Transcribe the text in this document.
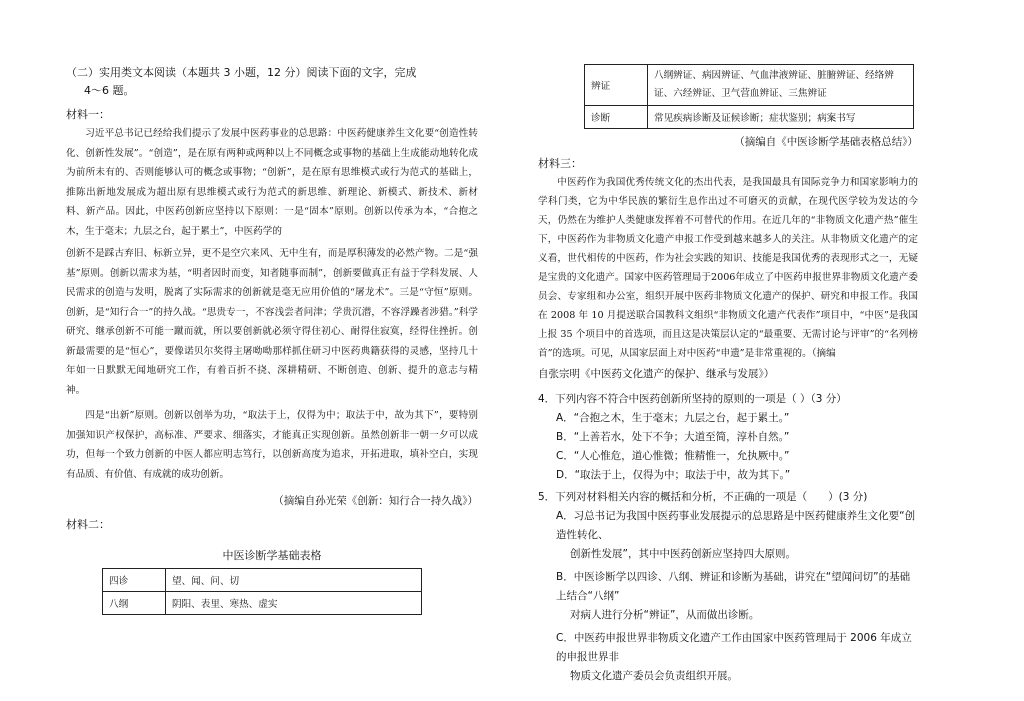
（二）实用类文本阅读（本题共 3 小题，12 分）阅读下面的文字，完成
4～6 题。
材料一：
习近平总书记已经给我们提示了发展中医药事业的总思路：中医药健康养生文化要“创造性转化、创新性发展”。“创造”，是在原有两种或两种以上不同概念或事物的基础上生成能动地转化成为前所未有的、否则能够认可的概念或事物；“创新”，是在原有思维模式或行为范式的基础上，推陈出新地发展成为超出原有思维模式或行为范式的新思维、新理论、新模式、新技术、新材料、新产品。因此，中医药创新应坚持以下原则：一是“固本”原则。创新以传承为本，“合抱之木，生于毫末；九层之台，起于累土”，中医药学的
创新不是踩古弃旧、标新立异，更不是空穴来风、无中生有，而是厚积薄发的必然产物。二是“强基”原则。创新以需求为基，“明者因时而变，知者随事而制”，创新要做真正有益于学科发展、人民需求的创造与发明，脱离了实际需求的创新就是毫无应用价值的“屠龙术”。三是“守恒”原则。创新，是“知行合一”的持久战。“思贵专一，不容浅尝者问津；学贵沉潜，不容浮躁者涉猎。”科学研究、继承创新不可能一蹴而就，所以要创新就必须守得住初心、耐得住寂寞，经得住挫折。创新最需要的是“恒心”，要像诺贝尔奖得主屠呦呦那样抓住研习中医药典籍获得的灵感，坚持几十年如一日默默无闻地研究工作，有着百折不挠、深耕精研、不断创造、创新、提升的意志与精神。
四是“出新”原则。创新以创举为功，“取法于上，仅得为中；取法于中，故为其下”，要特别加强知识产权保护，高标准、严要求、细落实，才能真正实现创新。虽然创新非一朝一夕可以成功，但每一个致力创新的中医人都应明志笃行，以创新高度为追求，开拓进取，填补空白，实现有品质、有价值、有成就的成功创新。
（摘编自孙光荣《创新：知行合一持久战》）
材料二：
中医诊断学基础表格
四诊	望、闻、问、切
八纲	阴阳、表里、寒热、虚实
辨证	八纲辨证、病因辨证、气血津液辨证、脏腑辨证、经络辨证、六经辨证、卫气营血辨证、三焦辨证
诊断	常见疾病诊断及证候诊断；症状鉴别；病案书写
（摘编自《中医诊断学基础表格总结》）
材料三：
中医药作为我国优秀传统文化的杰出代表，是我国最具有国际竞争力和国家影响力的学科门类，它为中华民族的繁衍生息作出过不可磨灭的贡献，在现代医学较为发达的今天，仍然在为维护人类健康发挥着不可替代的作用。在近几年的“非物质文化遗产热”催生下，中医药作为非物质文化遗产申报工作受到越来越多人的关注。从非物质文化遗产的定义看，世代相传的中医药，作为社会实践的知识、技能是我国优秀的表现形式之一，无疑是宝贵的文化遗产。国家中医药管理局于2006年成立了中医药申报世界非物质文化遗产委员会、专家组和办公室，组织开展中医药非物质文化遗产的保护、研究和申报工作。我国在 2008 年 10 月提送联合国教科文组织“非物质文化遗产代表作”项目中，“中医”是我国上报 35 个项目中的首选项，而且这是决策层认定的“最重要、无需讨论与评审”的“名列榜首”的选项。可见，从国家层面上对中医药“申遗”是非常重视的。（摘编
自张宗明《中医药文化遗产的保护、继承与发展》）
4．下列内容不符合中医药创新所坚持的原则的一项是（ ）（3 分）
A．“合抱之木，生于毫末；九层之台，起于累土。”
B．“上善若水，处下不争；大道至简，淳朴自然。”
C．“人心惟危，道心惟微；惟精惟一，允执厥中。”
D．“取法于上，仅得为中；取法于中，故为其下。”
5．下列对材料相关内容的概括和分析，不正确的一项是（　　）(3 分)
A．习总书记为我国中医药事业发展提示的总思路是中医药健康养生文化要“创造性转化、
创新性发展”，其中中医药创新应坚持四大原则。
B．中医诊断学以四诊、八纲、辨证和诊断为基础，讲究在“望闻问切”的基础上结合“八纲”
对病人进行分析“辨证”，从而做出诊断。
C．中医药申报世界非物质文化遗产工作由国家中医药管理局于 2006 年成立的申报世界非
物质文化遗产委员会负责组织开展。
